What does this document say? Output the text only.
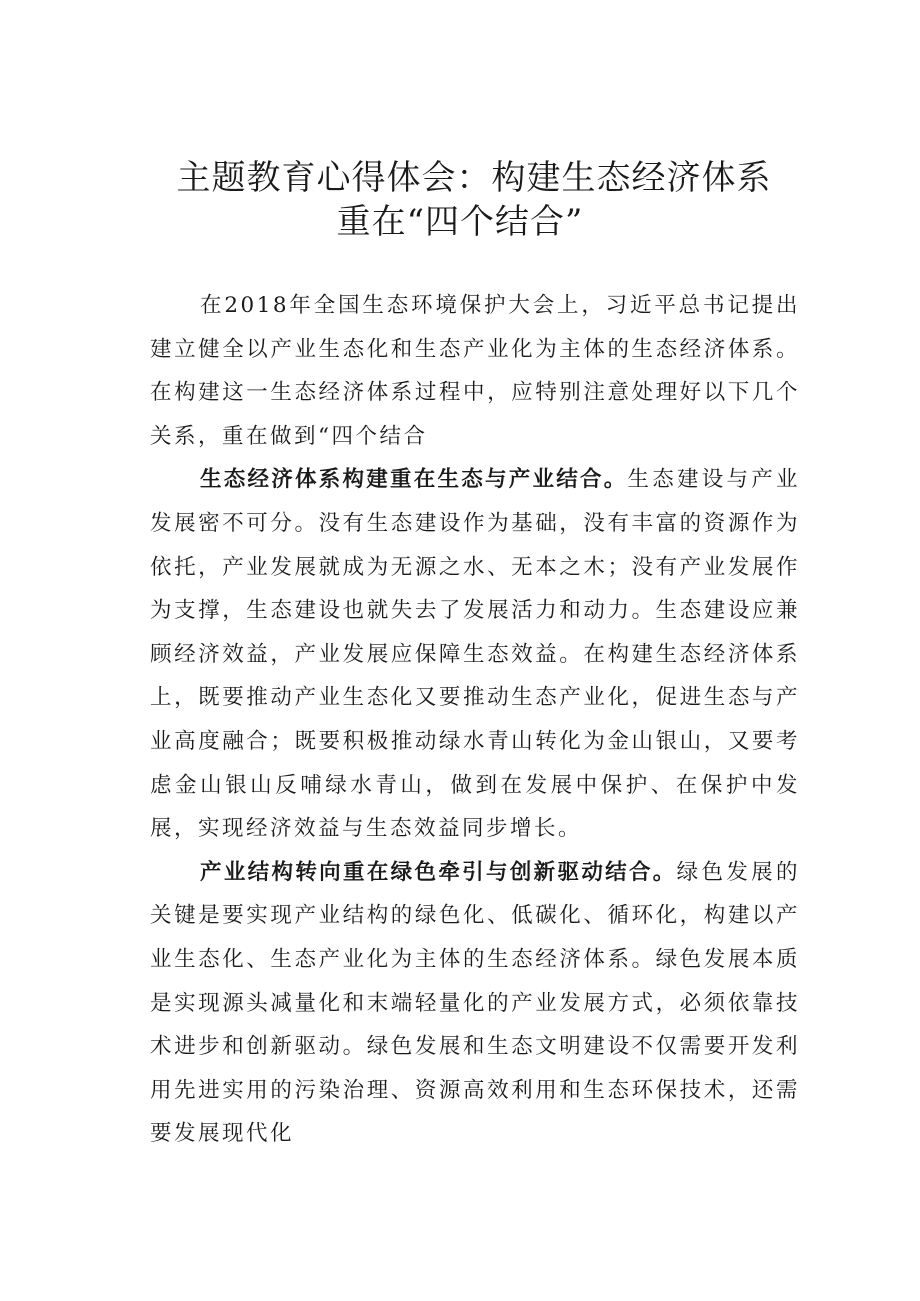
主题教育心得体会：构建生态经济体系
重在“四个结合”

在2018年全国生态环境保护大会上，习近平总书记提出建立健全以产业生态化和生态产业化为主体的生态经济体系。在构建这一生态经济体系过程中，应特别注意处理好以下几个关系，重在做到“四个结合

生态经济体系构建重在生态与产业结合。生态建设与产业发展密不可分。没有生态建设作为基础，没有丰富的资源作为依托，产业发展就成为无源之水、无本之木；没有产业发展作为支撑，生态建设也就失去了发展活力和动力。生态建设应兼顾经济效益，产业发展应保障生态效益。在构建生态经济体系上，既要推动产业生态化又要推动生态产业化，促进生态与产业高度融合；既要积极推动绿水青山转化为金山银山，又要考虑金山银山反哺绿水青山，做到在发展中保护、在保护中发展，实现经济效益与生态效益同步增长。

产业结构转向重在绿色牵引与创新驱动结合。绿色发展的关键是要实现产业结构的绿色化、低碳化、循环化，构建以产业生态化、生态产业化为主体的生态经济体系。绿色发展本质是实现源头减量化和末端轻量化的产业发展方式，必须依靠技术进步和创新驱动。绿色发展和生态文明建设不仅需要开发利用先进实用的污染治理、资源高效利用和生态环保技术，还需要发展现代化
